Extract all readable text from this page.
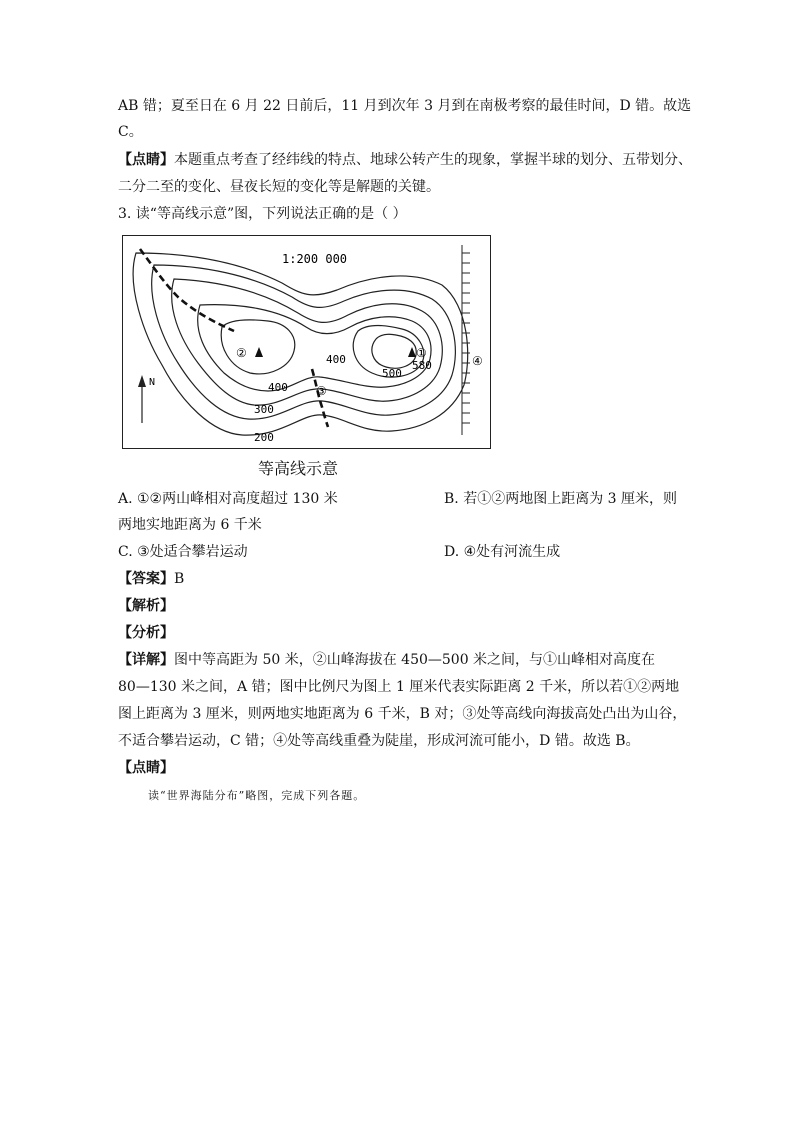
AB 错；夏至日在 6 月 22 日前后，11 月到次年 3 月到在南极考察的最佳时间，D 错。故选
C。
【点睛】本题重点考查了经纬线的特点、地球公转产生的现象，掌握半球的划分、五带划分、
二分二至的变化、昼夜长短的变化等是解题的关键。
3. 读“等高线示意”图，下列说法正确的是（ ）
1:200 000
N
②	①
580
500
400
400
300
200
③
④
等高线示意
A. ①②两山峰相对高度超过 130 米	B. 若①②两地图上距离为 3 厘米，则
两地实地距离为 6 千米
C. ③处适合攀岩运动	D. ④处有河流生成
【答案】B
【解析】
【分析】
【详解】图中等高距为 50 米，②山峰海拔在 450—500 米之间，与①山峰相对高度在
80—130 米之间，A 错；图中比例尺为图上 1 厘米代表实际距离 2 千米，所以若①②两地
图上距离为 3 厘米，则两地实地距离为 6 千米，B 对；③处等高线向海拔高处凸出为山谷，
不适合攀岩运动，C 错；④处等高线重叠为陡崖，形成河流可能小，D 错。故选 B。
【点睛】
读“世界海陆分布”略图，完成下列各题。
